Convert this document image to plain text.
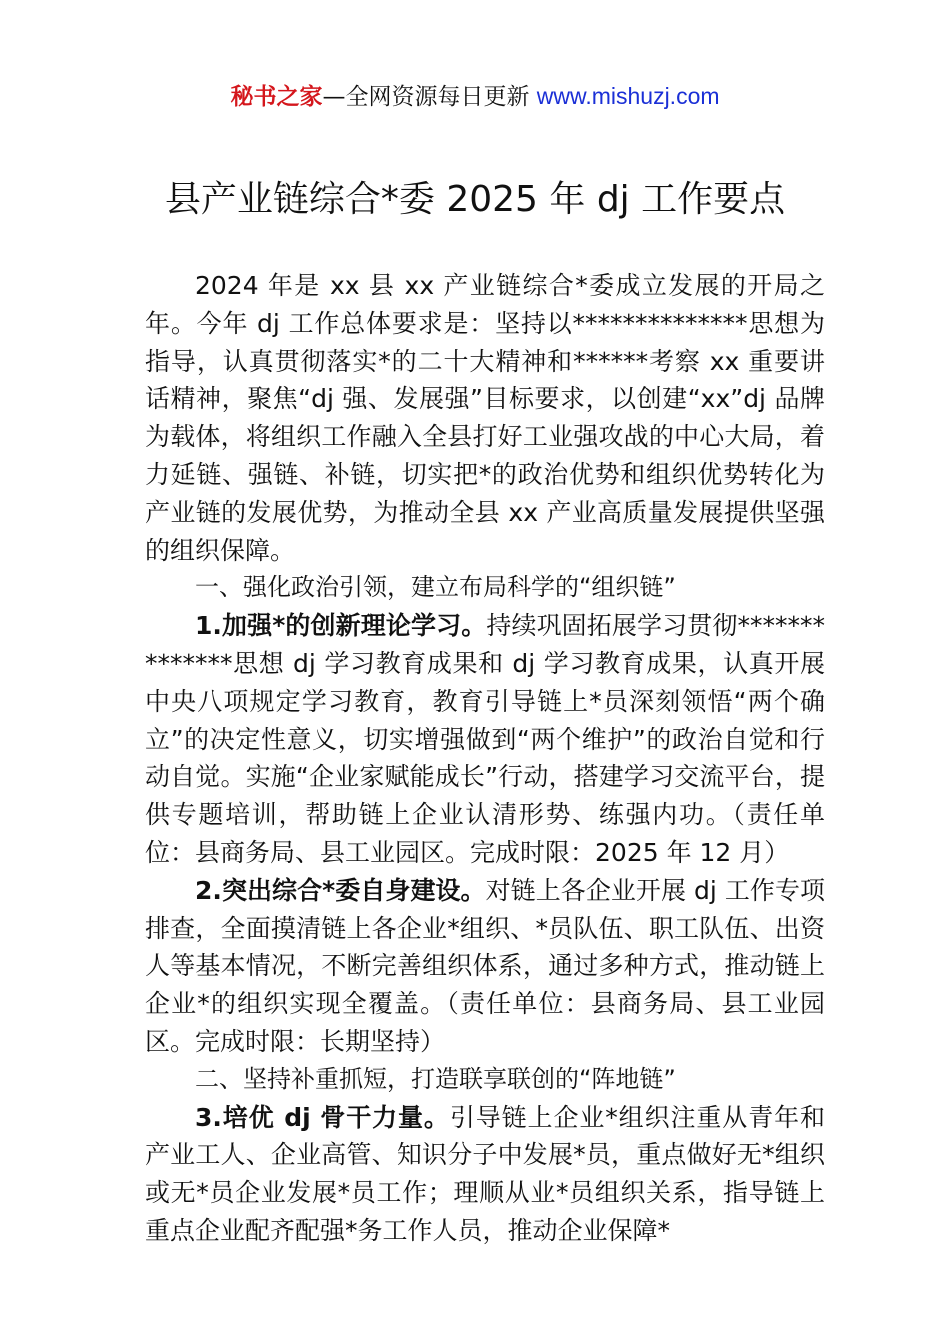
秘书之家—全网资源每日更新 www.mishuzj.com
县产业链综合*委 2025 年 dj 工作要点

2024 年是 xx 县 xx 产业链综合*委成立发展的开局之年。今年 dj 工作总体要求是：坚持以**************思想为指导，认真贯彻落实*的二十大精神和******考察 xx 重要讲话精神，聚焦“dj 强、发展强”目标要求，以创建“xx”dj 品牌为载体，将组织工作融入全县打好工业强攻战的中心大局，着力延链、强链、补链，切实把*的政治优势和组织优势转化为产业链的发展优势，为推动全县 xx 产业高质量发展提供坚强的组织保障。

一、强化政治引领，建立布局科学的“组织链”

1.加强*的创新理论学习。持续巩固拓展学习贯彻**************思想 dj 学习教育成果和 dj 学习教育成果，认真开展中央八项规定学习教育，教育引导链上*员深刻领悟“两个确立”的决定性意义，切实增强做到“两个维护”的政治自觉和行动自觉。实施“企业家赋能成长”行动，搭建学习交流平台，提供专题培训，帮助链上企业认清形势、练强内功。（责任单位：县商务局、县工业园区。完成时限：2025 年 12 月）

2.突出综合*委自身建设。对链上各企业开展 dj 工作专项排查，全面摸清链上各企业*组织、*员队伍、职工队伍、出资人等基本情况，不断完善组织体系，通过多种方式，推动链上企业*的组织实现全覆盖。（责任单位：县商务局、县工业园区。完成时限：长期坚持）

二、坚持补重抓短，打造联享联创的“阵地链”

3.培优 dj 骨干力量。引导链上企业*组织注重从青年和产业工人、企业高管、知识分子中发展*员，重点做好无*组织或无*员企业发展*员工作；理顺从业*员组织关系，指导链上重点企业配齐配强*务工作人员，推动企业保障*
